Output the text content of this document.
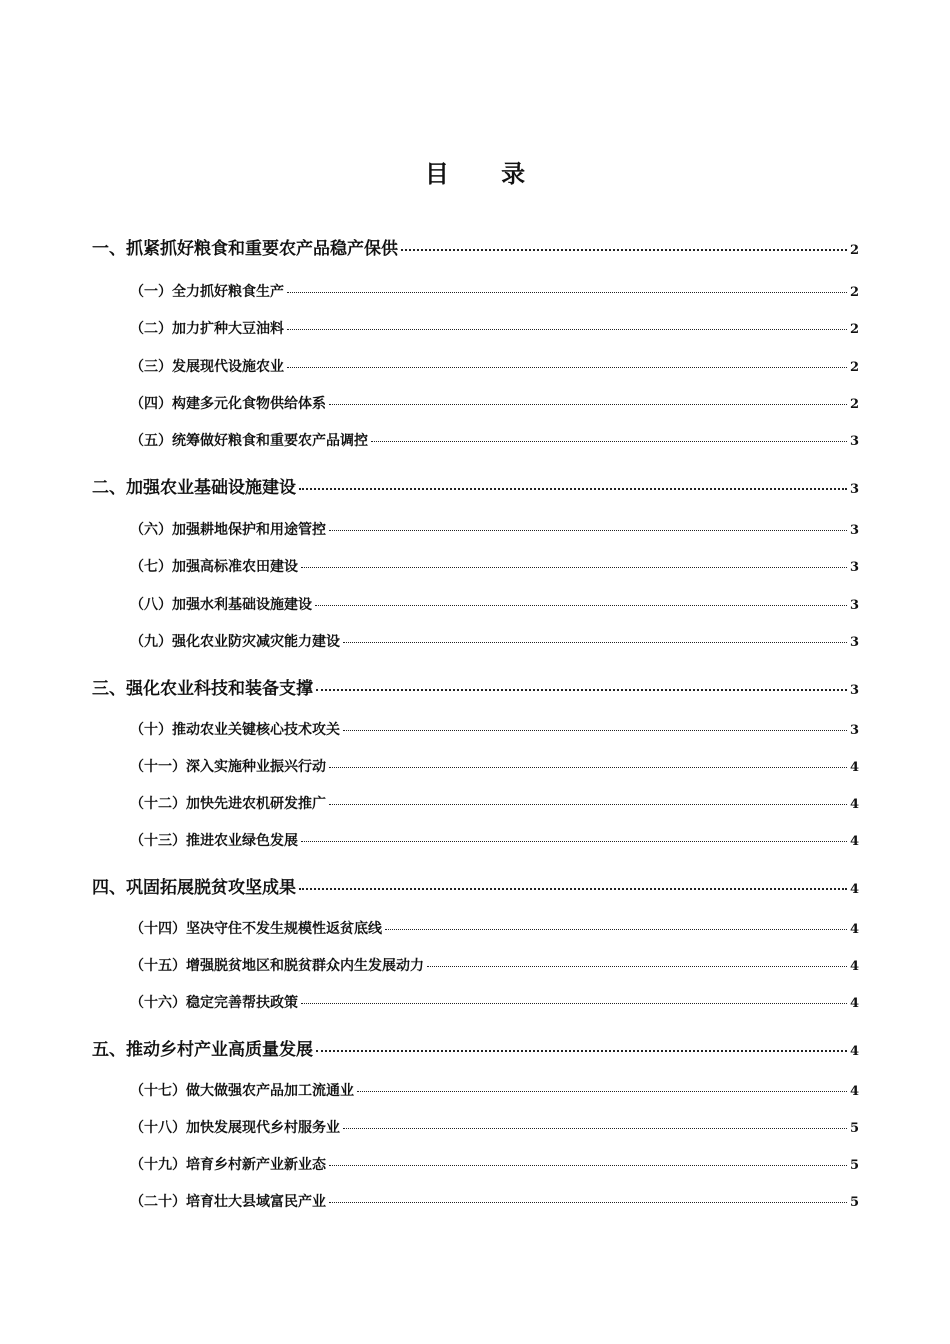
目 录
一、抓紧抓好粮食和重要农产品稳产保供	2
（一）全力抓好粮食生产	2
（二）加力扩种大豆油料	2
（三）发展现代设施农业	2
（四）构建多元化食物供给体系	2
（五）统筹做好粮食和重要农产品调控	3
二、加强农业基础设施建设	3
（六）加强耕地保护和用途管控	3
（七）加强高标准农田建设	3
（八）加强水利基础设施建设	3
（九）强化农业防灾减灾能力建设	3
三、强化农业科技和装备支撑	3
（十）推动农业关键核心技术攻关	3
（十一）深入实施种业振兴行动	4
（十二）加快先进农机研发推广	4
（十三）推进农业绿色发展	4
四、巩固拓展脱贫攻坚成果	4
（十四）坚决守住不发生规模性返贫底线	4
（十五）增强脱贫地区和脱贫群众内生发展动力	4
（十六）稳定完善帮扶政策	4
五、推动乡村产业高质量发展	4
（十七）做大做强农产品加工流通业	4
（十八）加快发展现代乡村服务业	5
（十九）培育乡村新产业新业态	5
（二十）培育壮大县域富民产业	5
